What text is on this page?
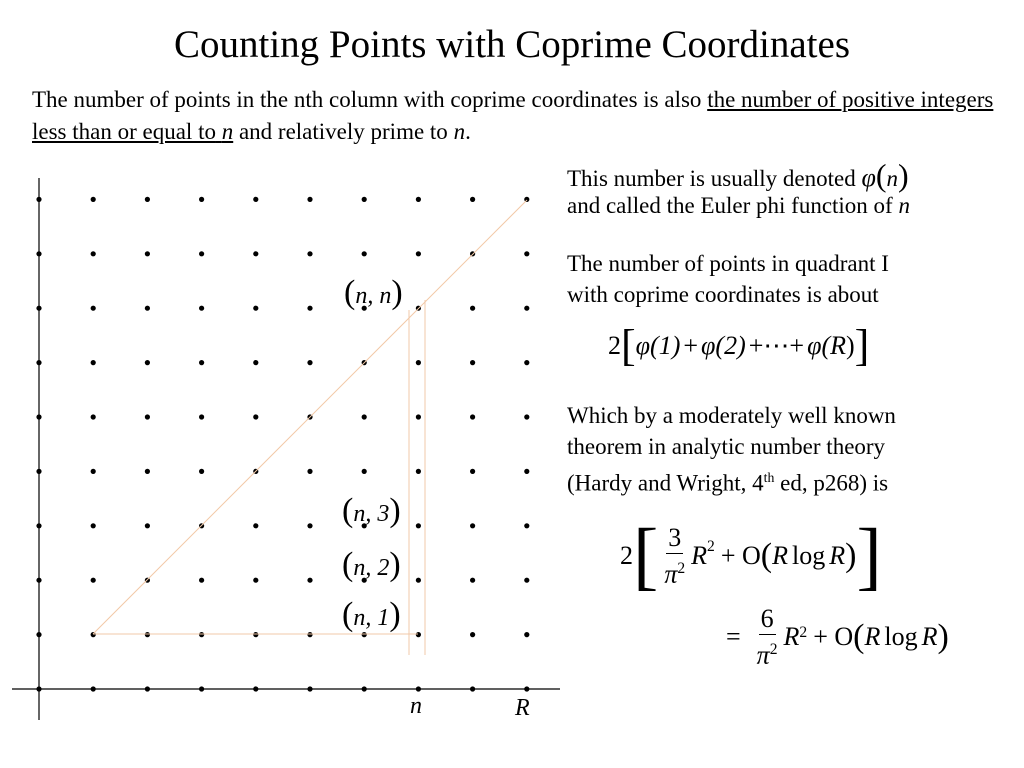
Counting Points with Coprime Coordinates
The number of points in the nth column with coprime coordinates is also the number of positive integers less than or equal to n and relatively prime to n.
(n, n)
(n, 3)
(n, 2)
(n, 1)
n	R
This number is usually denoted φ(n)
and called the Euler phi function of n
The number of points in quadrant I
with coprime coordinates is about
2 [ φ(1) + φ(2) +⋯+ φ( R ) ]
Which by a moderately well known
theorem in analytic number theory
(Hardy and Wright, 4th ed, p268) is
2 [ $\frac{3}{\pi^2} R^2 + O$ ( R log R ) ]
= $\frac{6}{\pi^2}$ R 2 + O ( R log R )
